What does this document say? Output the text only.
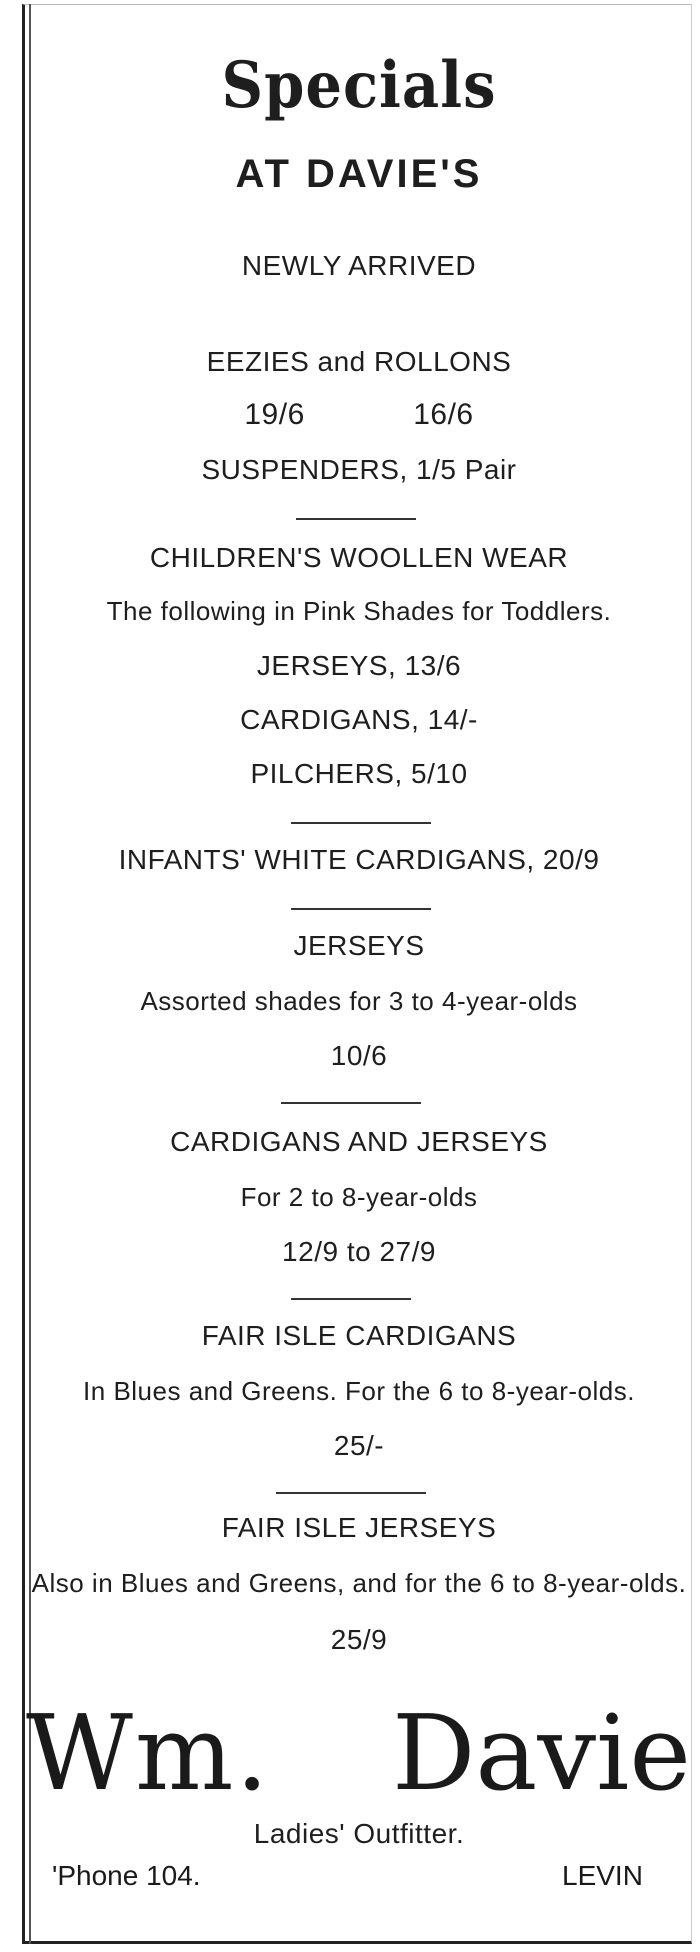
Specials
AT DAVIE'S
NEWLY ARRIVED
EEZIES and ROLLONS
19/6	16/6
SUSPENDERS, 1/5 Pair
CHILDREN'S WOOLLEN WEAR
The following in Pink Shades for Toddlers.
JERSEYS, 13/6
CARDIGANS, 14/-
PILCHERS, 5/10
INFANTS' WHITE CARDIGANS, 20/9
JERSEYS
Assorted shades for 3 to 4-year-olds
10/6
CARDIGANS AND JERSEYS
For 2 to 8-year-olds
12/9 to 27/9
FAIR ISLE CARDIGANS
In Blues and Greens. For the 6 to 8-year-olds.
25/-
FAIR ISLE JERSEYS
Also in Blues and Greens, and for the 6 to 8-year-olds.
25/9
Ladies' Outfitter.
Wm. Davie
'Phone 104.	LEVIN
